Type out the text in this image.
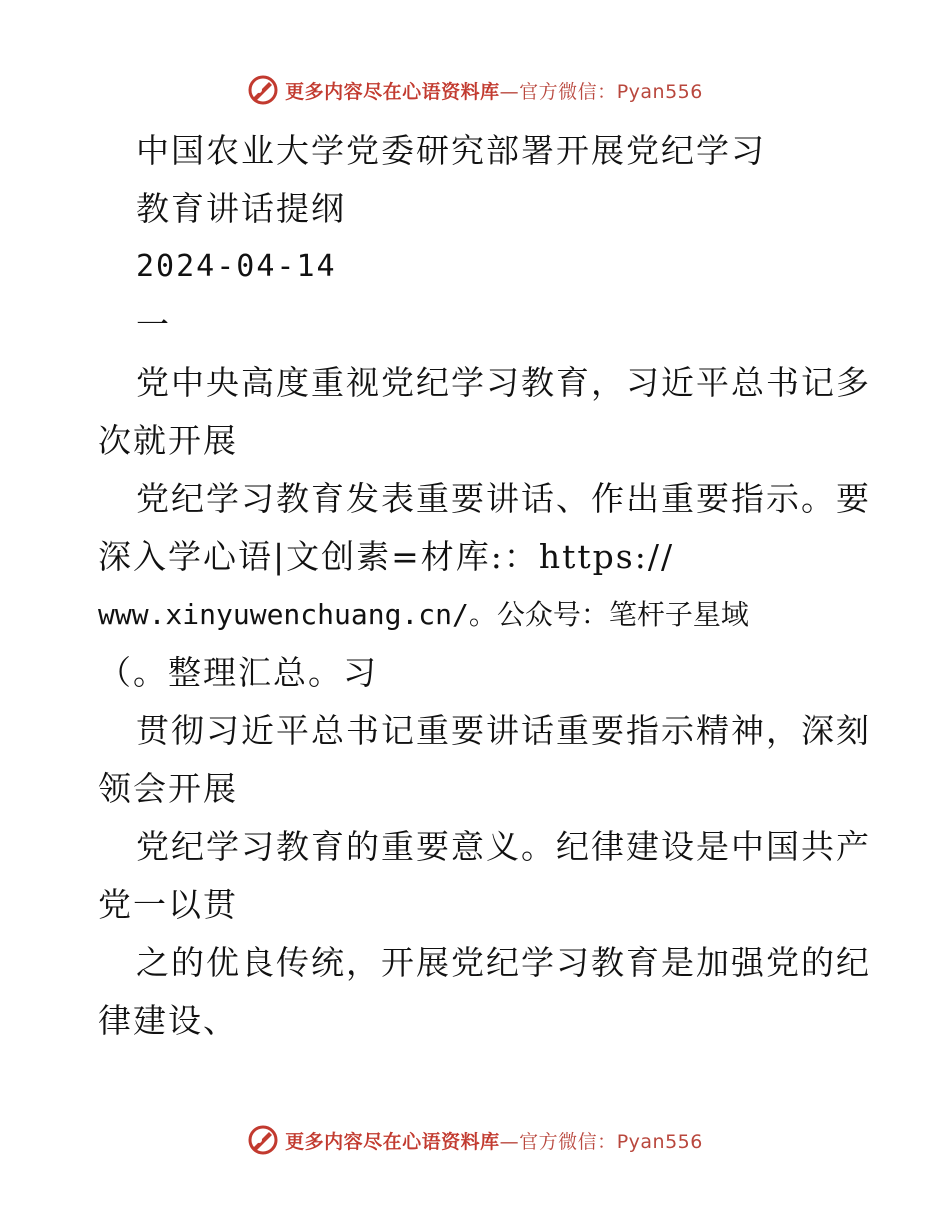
更多内容尽在心语资料库—官方微信：Pyan556
中国农业大学党委研究部署开展党纪学习
教育讲话提纲
2024-04-14
一
党中央高度重视党纪学习教育，习近平总书记多
次就开展
党纪学习教育发表重要讲话、作出重要指示。要
深入学心语|文创素=材库:：https://
www.xinyuwenchuang.cn/。公众号：笔杆子星域
（。整理汇总。习
贯彻习近平总书记重要讲话重要指示精神，深刻
领会开展
党纪学习教育的重要意义。纪律建设是中国共产
党一以贯
之的优良传统，开展党纪学习教育是加强党的纪
律建设、
更多内容尽在心语资料库—官方微信：Pyan556
